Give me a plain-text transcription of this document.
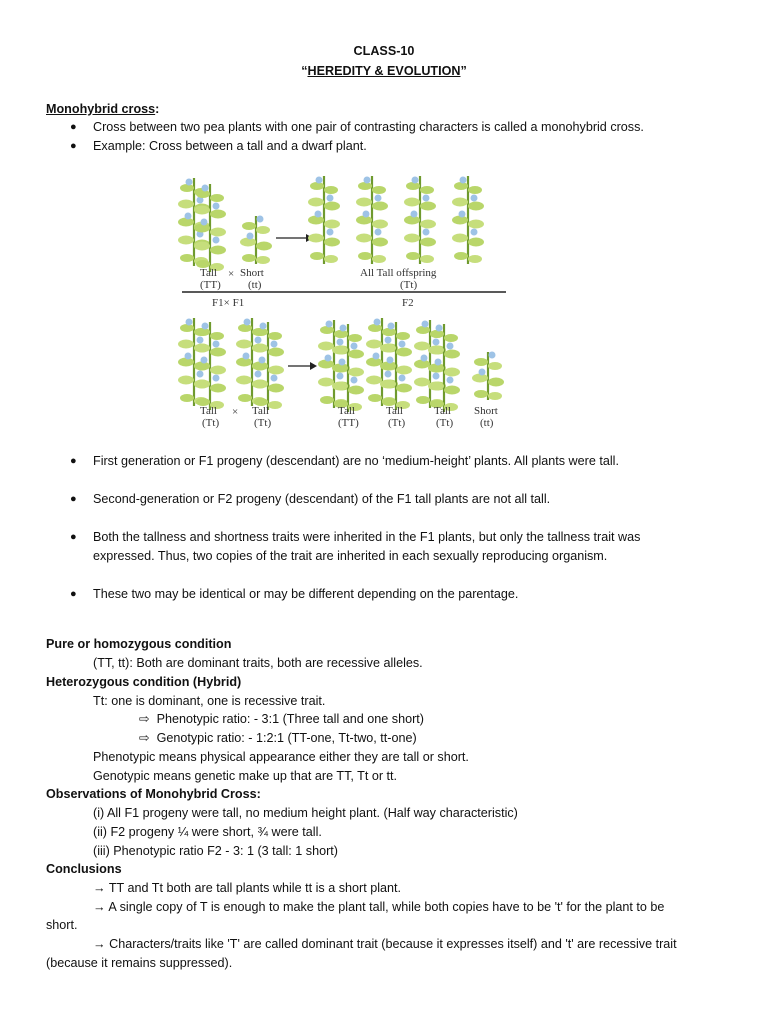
CLASS-10
“HEREDITY & EVOLUTION”
Monohybrid cross:
● Cross between two pea plants with one pair of contrasting characters is called a monohybrid cross.
● Example: Cross between a tall and a dwarf plant.
Tall × Short
(TT) (tt)
All Tall offspring
(Tt)
F1× F1	F2
Tall × Tall
(Tt)	(Tt)
Tall
(TT)
Tall
(Tt)
Tall
(Tt)
Short
(tt)
● First generation or F1 progeny (descendant) are no ‘medium-height’ plants. All plants were tall.
● Second-generation or F2 progeny (descendant) of the F1 tall plants are not all tall.
● Both the tallness and shortness traits were inherited in the F1 plants, but only the tallness trait was
expressed. Thus, two copies of the trait are inherited in each sexually reproducing organism.
● These two may be identical or may be different depending on the parentage.
Pure or homozygous condition
(TT, tt): Both are dominant traits, both are recessive alleles.
Heterozygous condition (Hybrid)
Tt: one is dominant, one is recessive trait.
⇨ Phenotypic ratio: - 3:1 (Three tall and one short)
⇨ Genotypic ratio: - 1:2:1 (TT-one, Tt-two, tt-one)
Phenotypic means physical appearance either they are tall or short.
Genotypic means genetic make up that are TT, Tt or tt.
Observations of Monohybrid Cross:
(i) All F1 progeny were tall, no medium height plant. (Half way characteristic)
(ii) F2 progeny ¼ were short, ¾ were tall.
(iii) Phenotypic ratio F2 - 3: 1 (3 tall: 1 short)
Conclusions
→ TT and Tt both are tall plants while tt is a short plant.
→ A single copy of T is enough to make the plant tall, while both copies have to be 't' for the plant to be
short.
→ Characters/traits like 'T' are called dominant trait (because it expresses itself) and 't' are recessive trait
(because it remains suppressed).
